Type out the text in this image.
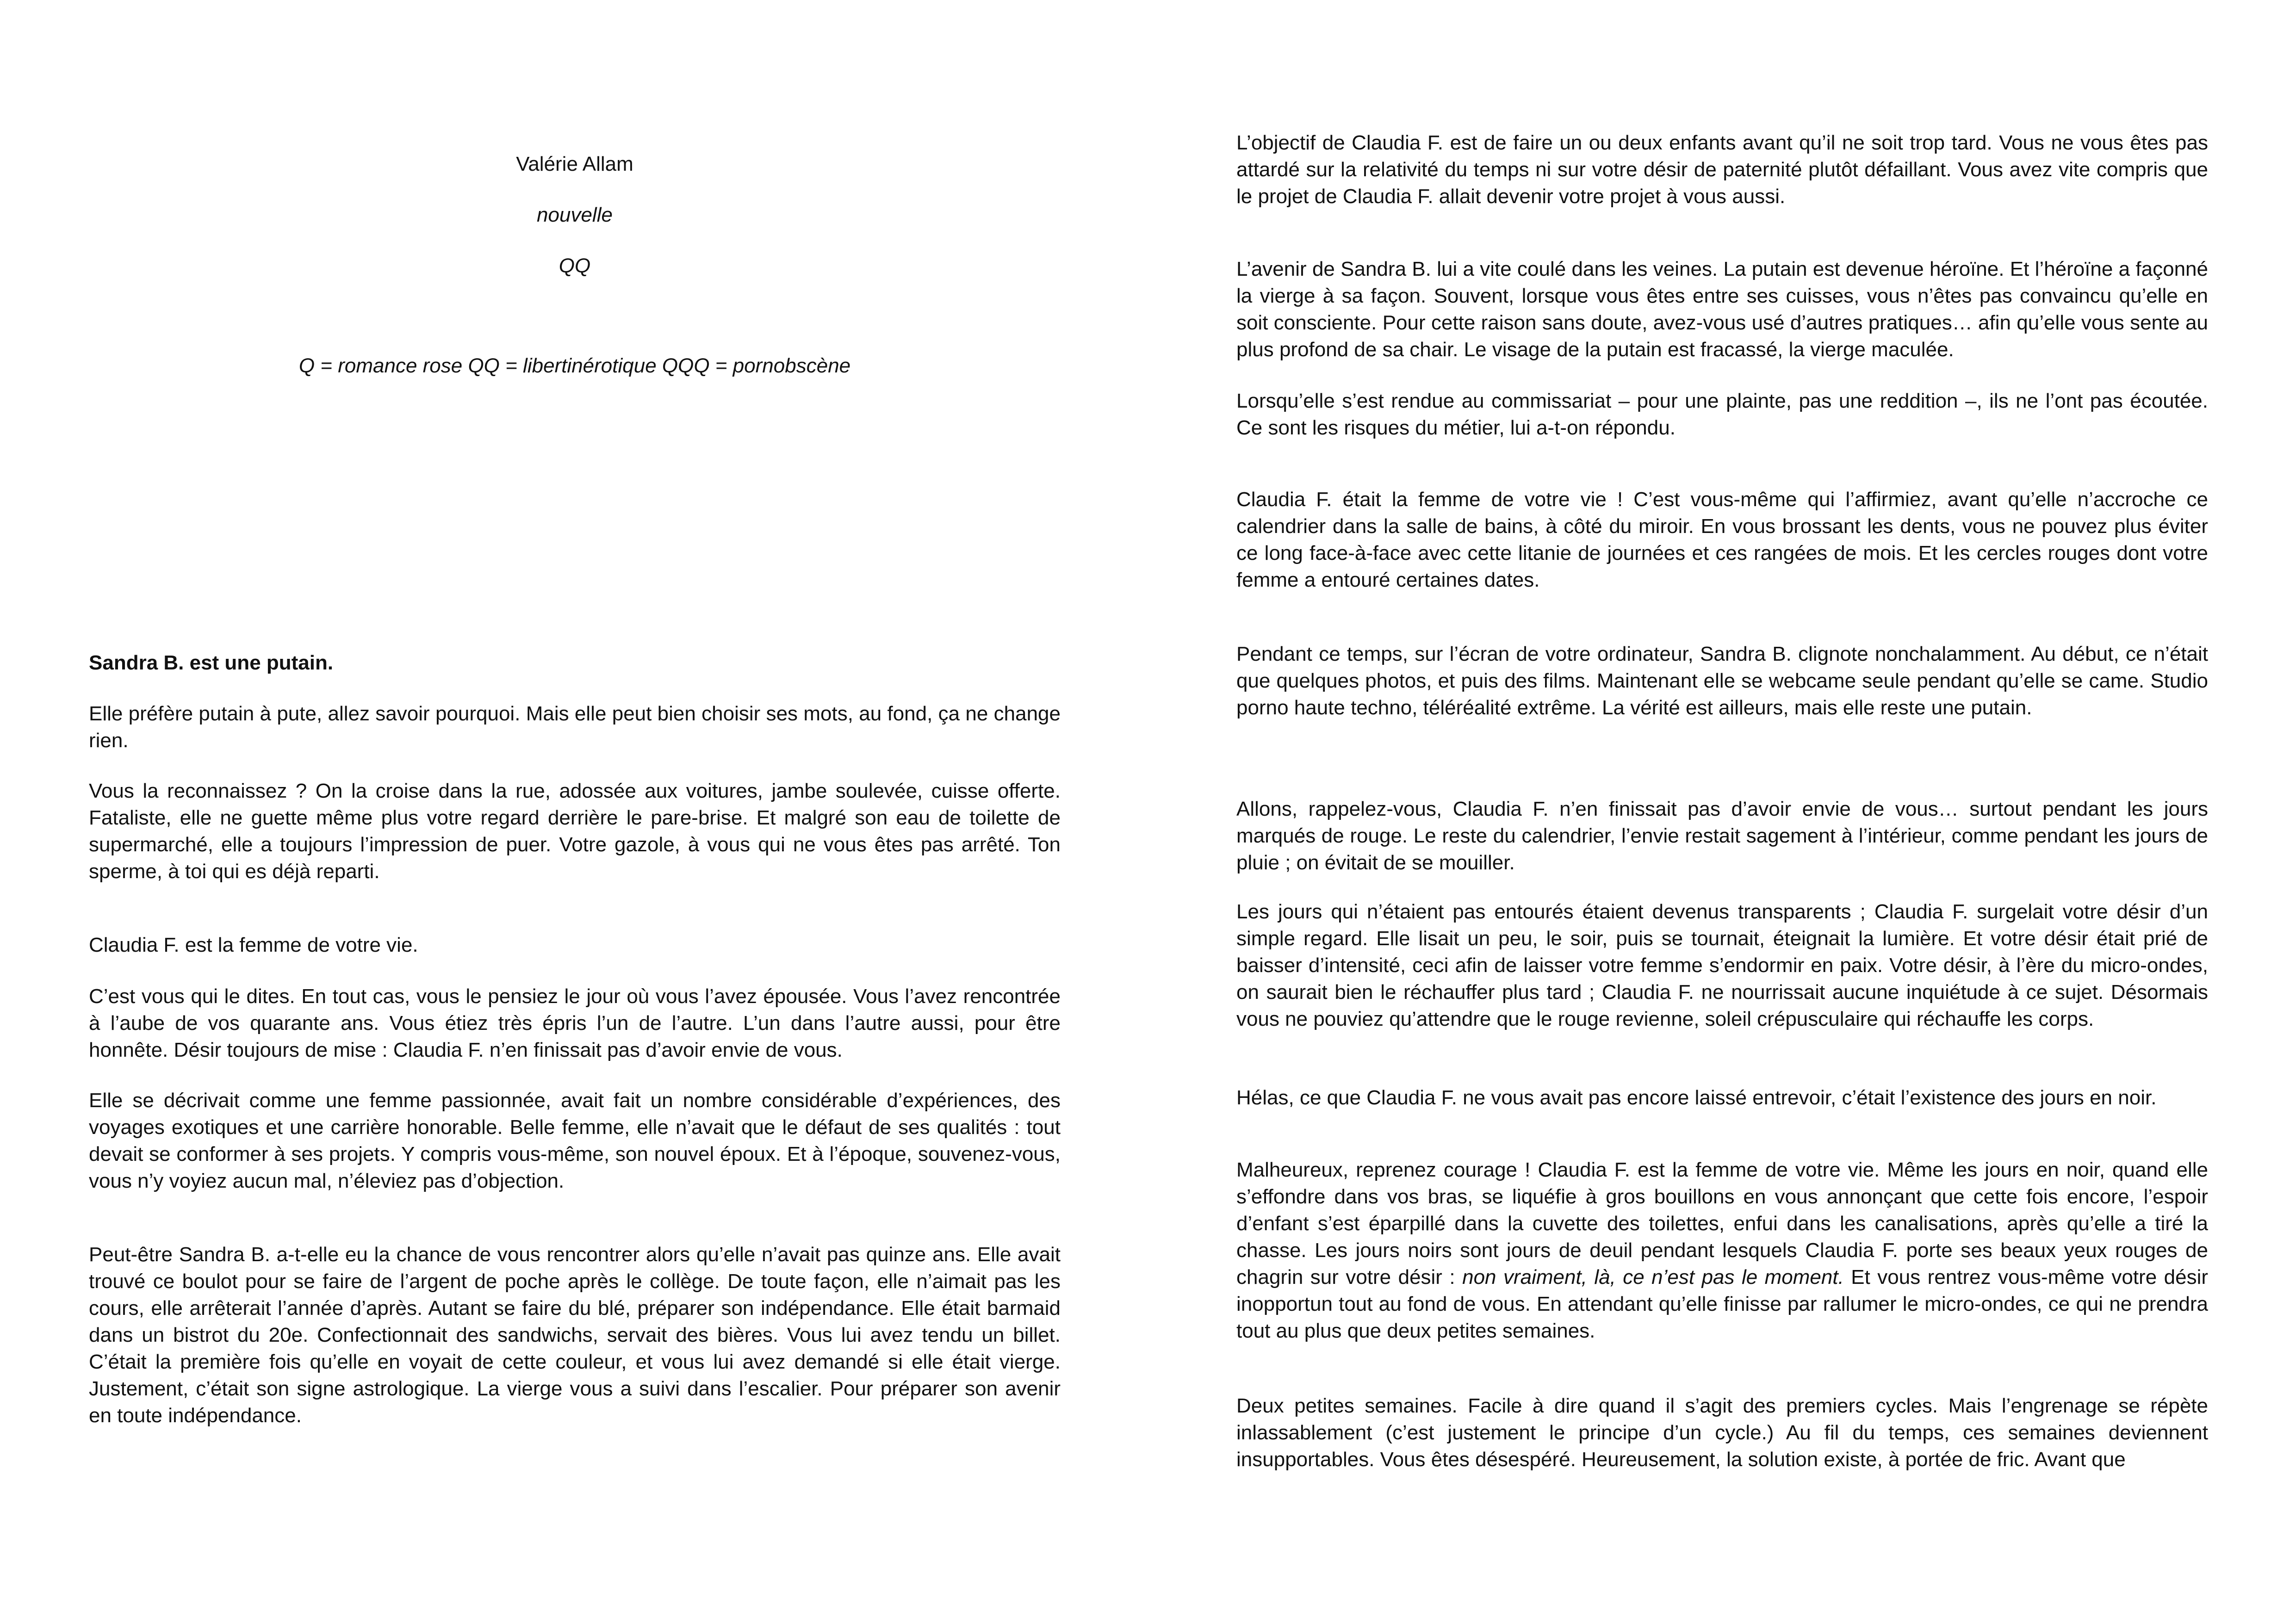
Valérie Allam

nouvelle

QQ

Q = romance rose QQ = libertinérotique QQQ = pornobscène

Sandra B. est une putain.

Elle préfère putain à pute, allez savoir pourquoi. Mais elle peut bien choisir ses mots, au fond, ça ne change rien.

Vous la reconnaissez ? On la croise dans la rue, adossée aux voitures, jambe soulevée, cuisse offerte. Fataliste, elle ne guette même plus votre regard derrière le pare-brise. Et malgré son eau de toilette de supermarché, elle a toujours l’impression de puer. Votre gazole, à vous qui ne vous êtes pas arrêté. Ton sperme, à toi qui es déjà reparti.

Claudia F. est la femme de votre vie.

C’est vous qui le dites. En tout cas, vous le pensiez le jour où vous l’avez épousée. Vous l’avez rencontrée à l’aube de vos quarante ans. Vous étiez très épris l’un de l’autre. L’un dans l’autre aussi, pour être honnête. Désir toujours de mise : Claudia F. n’en finissait pas d’avoir envie de vous.

Elle se décrivait comme une femme passionnée, avait fait un nombre considérable d’expériences, des voyages exotiques et une carrière honorable. Belle femme, elle n’avait que le défaut de ses qualités : tout devait se conformer à ses projets. Y compris vous-même, son nouvel époux. Et à l’époque, souvenez-vous, vous n’y voyiez aucun mal, n’éleviez pas d’objection.

Peut-être Sandra B. a-t-elle eu la chance de vous rencontrer alors qu’elle n’avait pas quinze ans. Elle avait trouvé ce boulot pour se faire de l’argent de poche après le collège. De toute façon, elle n’aimait pas les cours, elle arrêterait l’année d’après. Autant se faire du blé, préparer son indépendance. Elle était barmaid dans un bistrot du 20e. Confectionnait des sandwichs, servait des bières. Vous lui avez tendu un billet. C’était la première fois qu’elle en voyait de cette couleur, et vous lui avez demandé si elle était vierge. Justement, c’était son signe astrologique. La vierge vous a suivi dans l’escalier. Pour préparer son avenir en toute indépendance.

L’objectif de Claudia F. est de faire un ou deux enfants avant qu’il ne soit trop tard. Vous ne vous êtes pas attardé sur la relativité du temps ni sur votre désir de paternité plutôt défaillant. Vous avez vite compris que le projet de Claudia F. allait devenir votre projet à vous aussi.

L’avenir de Sandra B. lui a vite coulé dans les veines. La putain est devenue héroïne. Et l’héroïne a façonné la vierge à sa façon. Souvent, lorsque vous êtes entre ses cuisses, vous n’êtes pas convaincu qu’elle en soit consciente. Pour cette raison sans doute, avez-vous usé d’autres pratiques… afin qu’elle vous sente au plus profond de sa chair. Le visage de la putain est fracassé, la vierge maculée.

Lorsqu’elle s’est rendue au commissariat – pour une plainte, pas une reddition –, ils ne l’ont pas écoutée. Ce sont les risques du métier, lui a-t-on répondu.

Claudia F. était la femme de votre vie ! C’est vous-même qui l’affirmiez, avant qu’elle n’accroche ce calendrier dans la salle de bains, à côté du miroir. En vous brossant les dents, vous ne pouvez plus éviter ce long face-à-face avec cette litanie de journées et ces rangées de mois. Et les cercles rouges dont votre femme a entouré certaines dates.

Pendant ce temps, sur l’écran de votre ordinateur, Sandra B. clignote nonchalamment. Au début, ce n’était que quelques photos, et puis des films. Maintenant elle se webcame seule pendant qu’elle se came. Studio porno haute techno, téléréalité extrême. La vérité est ailleurs, mais elle reste une putain.

Allons, rappelez-vous, Claudia F. n’en finissait pas d’avoir envie de vous… surtout pendant les jours marqués de rouge. Le reste du calendrier, l’envie restait sagement à l’intérieur, comme pendant les jours de pluie ; on évitait de se mouiller.

Les jours qui n’étaient pas entourés étaient devenus transparents ; Claudia F. surgelait votre désir d’un simple regard. Elle lisait un peu, le soir, puis se tournait, éteignait la lumière. Et votre désir était prié de baisser d’intensité, ceci afin de laisser votre femme s’endormir en paix. Votre désir, à l’ère du micro-ondes, on saurait bien le réchauffer plus tard ; Claudia F. ne nourrissait aucune inquiétude à ce sujet. Désormais vous ne pouviez qu’attendre que le rouge revienne, soleil crépusculaire qui réchauffe les corps.

Hélas, ce que Claudia F. ne vous avait pas encore laissé entrevoir, c’était l’existence des jours en noir.

Malheureux, reprenez courage ! Claudia F. est la femme de votre vie. Même les jours en noir, quand elle s’effondre dans vos bras, se liquéfie à gros bouillons en vous annonçant que cette fois encore, l’espoir d’enfant s’est éparpillé dans la cuvette des toilettes, enfui dans les canalisations, après qu’elle a tiré la chasse. Les jours noirs sont jours de deuil pendant lesquels Claudia F. porte ses beaux yeux rouges de chagrin sur votre désir : non vraiment, là, ce n’est pas le moment. Et vous rentrez vous-même votre désir inopportun tout au fond de vous. En attendant qu’elle finisse par rallumer le micro-ondes, ce qui ne prendra tout au plus que deux petites semaines.

Deux petites semaines. Facile à dire quand il s’agit des premiers cycles. Mais l’engrenage se répète inlassablement (c’est justement le principe d’un cycle.) Au fil du temps, ces semaines deviennent insupportables. Vous êtes désespéré. Heureusement, la solution existe, à portée de fric. Avant que
